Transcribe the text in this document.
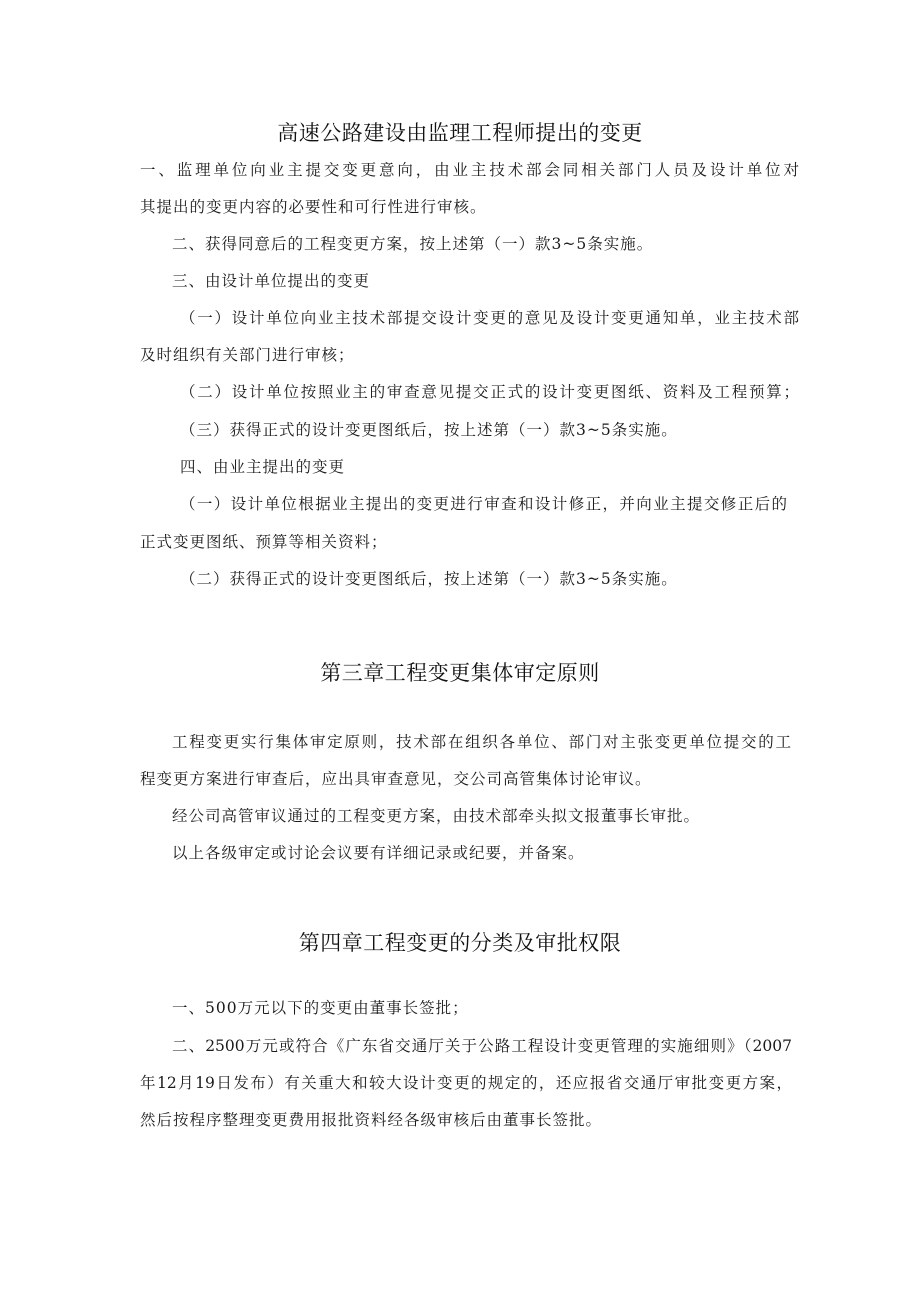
高速公路建设由监理工程师提出的变更
一、监理单位向业主提交变更意向，由业主技术部会同相关部门人员及设计单位对
其提出的变更内容的必要性和可行性进行审核。
二、获得同意后的工程变更方案，按上述第（一）款3~5条实施。
三、由设计单位提出的变更
（一）设计单位向业主技术部提交设计变更的意见及设计变更通知单，业主技术部
及时组织有关部门进行审核；
（二）设计单位按照业主的审查意见提交正式的设计变更图纸、资料及工程预算；
（三）获得正式的设计变更图纸后，按上述第（一）款3~5条实施。
四、由业主提出的变更
（一）设计单位根据业主提出的变更进行审查和设计修正，并向业主提交修正后的
正式变更图纸、预算等相关资料；
（二）获得正式的设计变更图纸后，按上述第（一）款3~5条实施。
第三章工程变更集体审定原则
工程变更实行集体审定原则，技术部在组织各单位、部门对主张变更单位提交的工
程变更方案进行审查后，应出具审查意见，交公司高管集体讨论审议。
经公司高管审议通过的工程变更方案，由技术部牵头拟文报董事长审批。
以上各级审定或讨论会议要有详细记录或纪要，并备案。
第四章工程变更的分类及审批权限
一、500万元以下的变更由董事长签批；
二、2500万元或符合《广东省交通厅关于公路工程设计变更管理的实施细则》（2007
年12月19日发布）有关重大和较大设计变更的规定的，还应报省交通厅审批变更方案，
然后按程序整理变更费用报批资料经各级审核后由董事长签批。
